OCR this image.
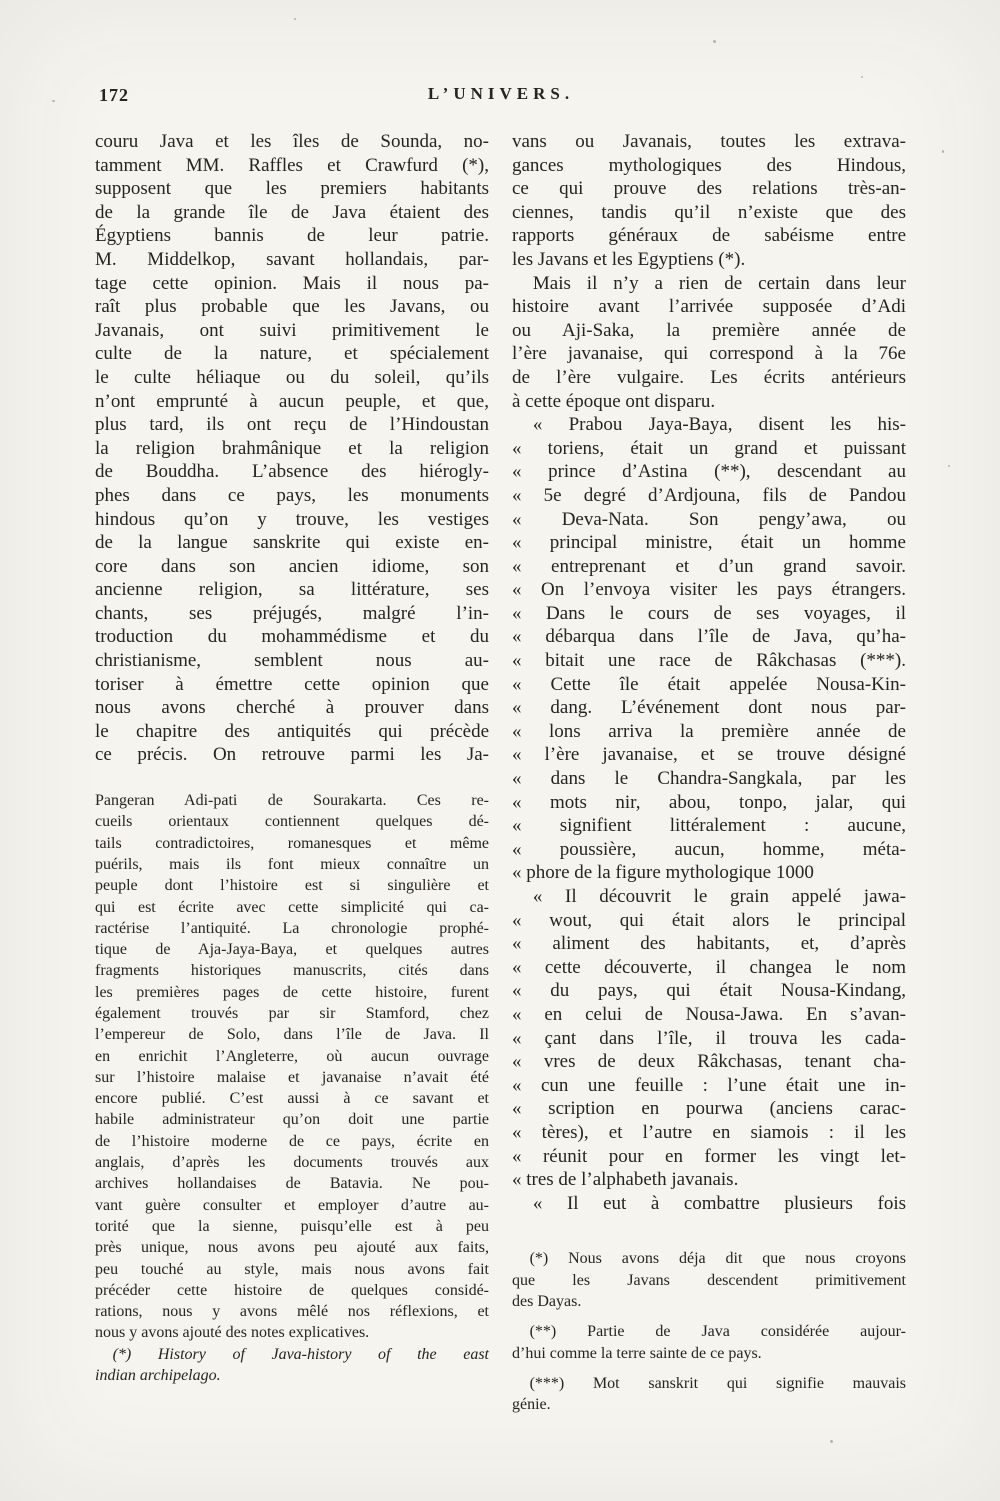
172	L’UNIVERS.
couru Java et les îles de Sounda, no-
tamment MM. Raffles et Crawfurd (*),
supposent que les premiers habitants
de la grande île de Java étaient des
Égyptiens bannis de leur patrie.
M. Middelkop, savant hollandais, par-
tage cette opinion. Mais il nous pa-
raît plus probable que les Javans, ou
Javanais, ont suivi primitivement le
culte de la nature, et spécialement
le culte héliaque ou du soleil, qu’ils
n’ont emprunté à aucun peuple, et que,
plus tard, ils ont reçu de l’Hindoustan
la religion brahmânique et la religion
de Bouddha. L’absence des hiérogly-
phes dans ce pays, les monuments
hindous qu’on y trouve, les vestiges
de la langue sanskrite qui existe en-
core dans son ancien idiome, son
ancienne religion, sa littérature, ses
chants, ses préjugés, malgré l’in-
troduction du mohammédisme et du
christianisme, semblent nous au-
toriser à émettre cette opinion que
nous avons cherché à prouver dans
le chapitre des antiquités qui précède
ce précis. On retrouve parmi les Ja-
Pangeran Adi-pati de Sourakarta. Ces re-
cueils orientaux contiennent quelques dé-
tails contradictoires, romanesques et même
puérils, mais ils font mieux connaître un
peuple dont l’histoire est si singulière et
qui est écrite avec cette simplicité qui ca-
ractérise l’antiquité. La chronologie prophé-
tique de Aja-Jaya-Baya, et quelques autres
fragments historiques manuscrits, cités dans
les premières pages de cette histoire, furent
également trouvés par sir Stamford, chez
l’empereur de Solo, dans l’île de Java. Il
en enrichit l’Angleterre, où aucun ouvrage
sur l’histoire malaise et javanaise n’avait été
encore publié. C’est aussi à ce savant et
habile administrateur qu’on doit une partie
de l’histoire moderne de ce pays, écrite en
anglais, d’après les documents trouvés aux
archives hollandaises de Batavia. Ne pou-
vant guère consulter et employer d’autre au-
torité que la sienne, puisqu’elle est à peu
près unique, nous avons peu ajouté aux faits,
peu touché au style, mais nous avons fait
précéder cette histoire de quelques considé-
rations, nous y avons mêlé nos réflexions, et
nous y avons ajouté des notes explicatives.
(*) History of Java-history of the east
indian archipelago.
vans ou Javanais, toutes les extrava-
gances mythologiques des Hindous,
ce qui prouve des relations très-an-
ciennes, tandis qu’il n’existe que des
rapports généraux de sabéisme entre
les Javans et les Egyptiens (*).
Mais il n’y a rien de certain dans leur
histoire avant l’arrivée supposée d’Adi
ou Aji-Saka, la première année de
l’ère javanaise, qui correspond à la 76e
de l’ère vulgaire. Les écrits antérieurs
à cette époque ont disparu.
« Prabou Jaya-Baya, disent les his-
« toriens, était un grand et puissant
« prince d’Astina (**), descendant au
« 5e degré d’Ardjouna, fils de Pandou
« Deva-Nata. Son pengy’awa, ou
« principal ministre, était un homme
« entreprenant et d’un grand savoir.
« On l’envoya visiter les pays étrangers.
« Dans le cours de ses voyages, il
« débarqua dans l’île de Java, qu’ha-
« bitait une race de Râkchasas (***).
« Cette île était appelée Nousa-Kin-
« dang. L’événement dont nous par-
« lons arriva la première année de
« l’ère javanaise, et se trouve désigné
« dans le Chandra-Sangkala, par les
« mots nir, abou, tonpo, jalar, qui
« signifient littéralement : aucune,
« poussière, aucun, homme, méta-
« phore de la figure mythologique 1000
« Il découvrit le grain appelé jawa-
« wout, qui était alors le principal
« aliment des habitants, et, d’après
« cette découverte, il changea le nom
« du pays, qui était Nousa-Kindang,
« en celui de Nousa-Jawa. En s’avan-
« çant dans l’île, il trouva les cada-
« vres de deux Râkchasas, tenant cha-
« cun une feuille : l’une était une in-
« scription en pourwa (anciens carac-
« tères), et l’autre en siamois : il les
« réunit pour en former les vingt let-
« tres de l’alphabeth javanais.
« Il eut à combattre plusieurs fois
(*) Nous avons déja dit que nous croyons
que les Javans descendent primitivement
des Dayas.
(**) Partie de Java considérée aujour-
d’hui comme la terre sainte de ce pays.
(***) Mot sanskrit qui signifie mauvais
génie.
